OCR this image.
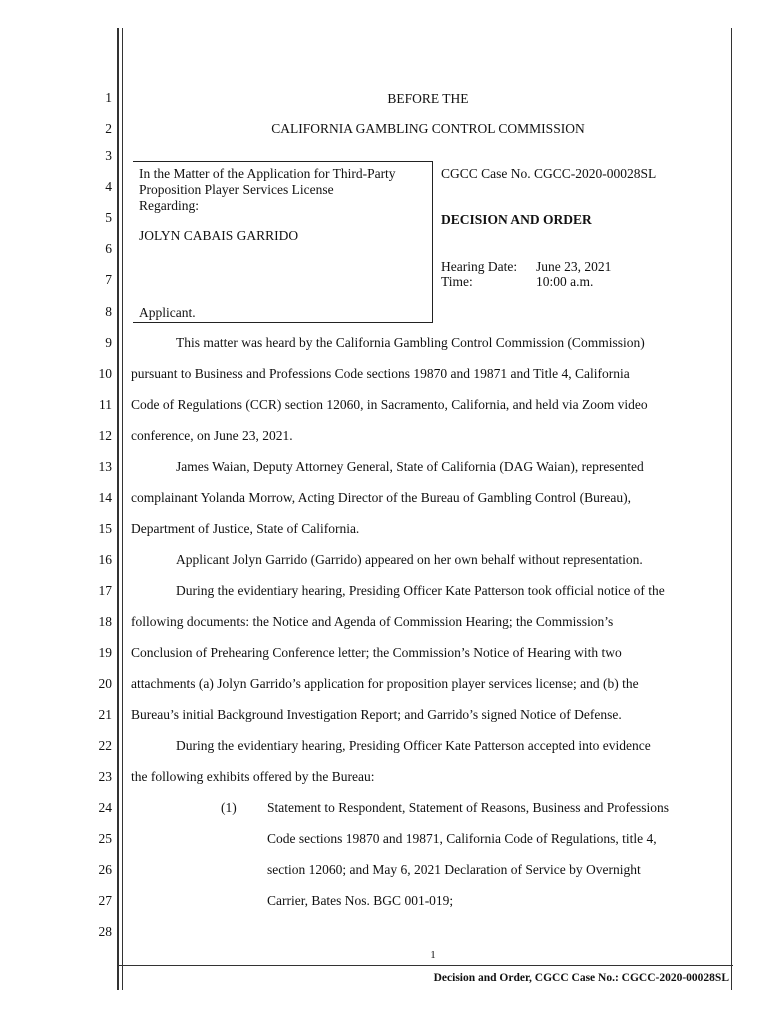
1
2
3
4
5
6
7
8
9
10
11
12
13
14
15
16
17
18
19
20
21
22
23
24
25
26
27
28
BEFORE THE
CALIFORNIA GAMBLING CONTROL COMMISSION
In the Matter of the Application for Third-Party
Proposition Player Services License
Regarding:
JOLYN CABAIS GARRIDO
Applicant.
CGCC Case No. CGCC-2020-00028SL
DECISION AND ORDER
Hearing Date: June 23, 2021
Time:	10:00 a.m.
This matter was heard by the California Gambling Control Commission (Commission)
pursuant to Business and Professions Code sections 19870 and 19871 and Title 4, California
Code of Regulations (CCR) section 12060, in Sacramento, California, and held via Zoom video
conference, on June 23, 2021.
James Waian, Deputy Attorney General, State of California (DAG Waian), represented
complainant Yolanda Morrow, Acting Director of the Bureau of Gambling Control (Bureau),
Department of Justice, State of California.
Applicant Jolyn Garrido (Garrido) appeared on her own behalf without representation.
During the evidentiary hearing, Presiding Officer Kate Patterson took official notice of the
following documents: the Notice and Agenda of Commission Hearing; the Commission’s
Conclusion of Prehearing Conference letter; the Commission’s Notice of Hearing with two
attachments (a) Jolyn Garrido’s application for proposition player services license; and (b) the
Bureau’s initial Background Investigation Report; and Garrido’s signed Notice of Defense.
During the evidentiary hearing, Presiding Officer Kate Patterson accepted into evidence
the following exhibits offered by the Bureau:
(1) Statement to Respondent, Statement of Reasons, Business and Professions
Code sections 19870 and 19871, California Code of Regulations, title 4,
section 12060; and May 6, 2021 Declaration of Service by Overnight
Carrier, Bates Nos. BGC 001-019;
1
Decision and Order, CGCC Case No.: CGCC-2020-00028SL
